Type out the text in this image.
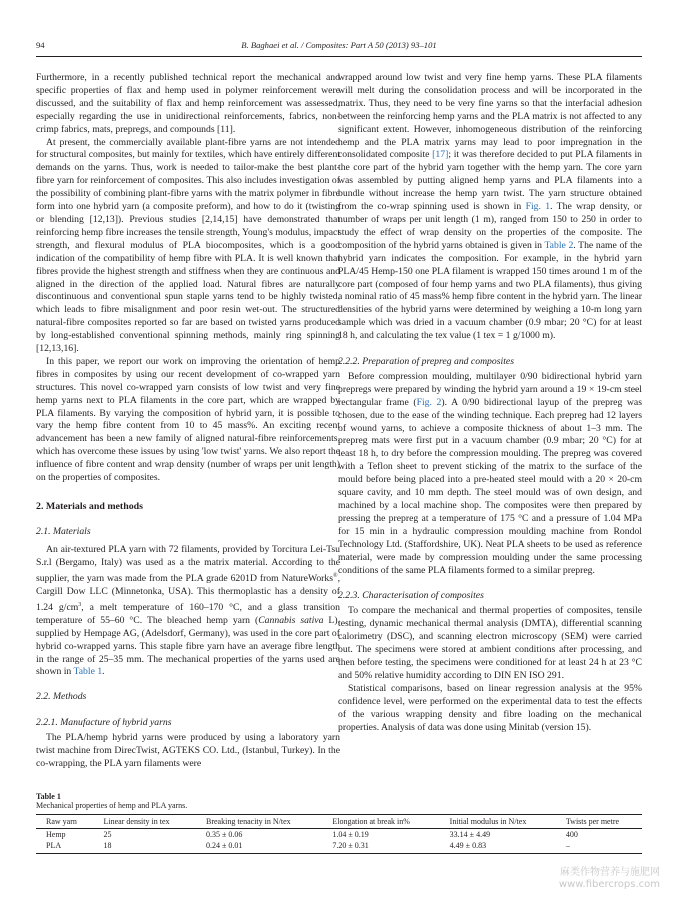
94	B. Baghaei et al. / Composites: Part A 50 (2013) 93–101

Furthermore, in a recently published technical report the mechanical and specific properties of flax and hemp used in polymer reinforcement were discussed, and the suitability of flax and hemp reinforcement was assessed, especially regarding the use in unidirectional reinforcements, fabrics, non-crimp fabrics, mats, prepregs, and compounds [11].

At present, the commercially available plant-fibre yarns are not intended for structural composites, but mainly for textiles, which have entirely different demands on the yarns. Thus, work is needed to tailor-make the best plant-fibre yarn for reinforcement of composites. This also includes investigation of the possibility of combining plant-fibre yarns with the matrix polymer in fibre form into one hybrid yarn (a composite preform), and how to do it (twisting or blending [12,13]). Previous studies [2,14,15] have demonstrated that reinforcing hemp fibre increases the tensile strength, Young's modulus, impact strength, and flexural modulus of PLA biocomposites, which is a good indication of the compatibility of hemp fibre with PLA. It is well known that fibres provide the highest strength and stiffness when they are continuous and aligned in the direction of the applied load. Natural fibres are naturally discontinuous and conventional spun staple yarns tend to be highly twisted, which leads to fibre misalignment and poor resin wet-out. The structured natural-fibre composites reported so far are based on twisted yarns produced by long-established conventional spinning methods, mainly ring spinning [12,13,16].

In this paper, we report our work on improving the orientation of hemp fibres in composites by using our recent development of co-wrapped yarn structures. This novel co-wrapped yarn consists of low twist and very fine hemp yarns next to PLA filaments in the core part, which are wrapped by PLA filaments. By varying the composition of hybrid yarn, it is possible to vary the hemp fibre content from 10 to 45 mass%. An exciting recent advancement has been a new family of aligned natural-fibre reinforcements, which has overcome these issues by using 'low twist' yarns. We also report the influence of fibre content and wrap density (number of wraps per unit length) on the properties of composites.

2. Materials and methods
2.1. Materials

An air-textured PLA yarn with 72 filaments, provided by Torcitura Lei-Tsu S.r.l (Bergamo, Italy) was used as a the matrix material. According to the supplier, the yarn was made from the PLA grade 6201D from NatureWorks®, Cargill Dow LLC (Minnetonka, USA). This thermoplastic has a density of 1.24 $g/cm^3$, a melt temperature of 160–170 °C, and a glass transition temperature of 55–60 °C. The bleached hemp yarn (Cannabis sativa L), supplied by Hempage AG, (Adelsdorf, Germany), was used in the core part of hybrid co-wrapped yarns. This staple fibre yarn have an average fibre length in the range of 25–35 mm. The mechanical properties of the yarns used are shown in Table 1.

2.2. Methods
2.2.1. Manufacture of hybrid yarns

The PLA/hemp hybrid yarns were produced by using a laboratory yarn twist machine from DirecTwist, AGTEKS CO. Ltd., (Istanbul, Turkey). In the co-wrapping, the PLA yarn filaments were

wrapped around low twist and very fine hemp yarns. These PLA filaments will melt during the consolidation process and will be incorporated in the matrix. Thus, they need to be very fine yarns so that the interfacial adhesion between the reinforcing hemp yarns and the PLA matrix is not affected to any significant extent. However, inhomogeneous distribution of the reinforcing hemp and the PLA matrix yarns may lead to poor impregnation in the consolidated composite [17]; it was therefore decided to put PLA filaments in the core part of the hybrid yarn together with the hemp yarn. The core yarn was assembled by putting aligned hemp yarns and PLA filaments into a bundle without increase the hemp yarn twist. The yarn structure obtained from the co-wrap spinning used is shown in Fig. 1. The wrap density, or number of wraps per unit length (1 m), ranged from 150 to 250 in order to study the effect of wrap density on the properties of the composite. The composition of the hybrid yarns obtained is given in Table 2. The name of the hybrid yarn indicates the composition. For example, in the hybrid yarn PLA/45 Hemp-150 one PLA filament is wrapped 150 times around 1 m of the core part (composed of four hemp yarns and two PLA filaments), thus giving a nominal ratio of 45 mass% hemp fibre content in the hybrid yarn. The linear densities of the hybrid yarns were determined by weighing a 10-m long yarn sample which was dried in a vacuum chamber (0.9 mbar; 20 °C) for at least 18 h, and calculating the tex value (1 tex = 1 g/1000 m).

2.2.2. Preparation of prepreg and composites

Before compression moulding, multilayer 0/90 bidirectional hybrid yarn prepregs were prepared by winding the hybrid yarn around a 19 × 19-cm steel rectangular frame (Fig. 2). A 0/90 bidirectional layup of the prepreg was chosen, due to the ease of the winding technique. Each prepreg had 12 layers of wound yarns, to achieve a composite thickness of about 1–3 mm. The prepreg mats were first put in a vacuum chamber (0.9 mbar; 20 °C) for at least 18 h, to dry before the compression moulding. The prepreg was covered with a Teflon sheet to prevent sticking of the matrix to the surface of the mould before being placed into a pre-heated steel mould with a 20 × 20-cm square cavity, and 10 mm depth. The steel mould was of own design, and machined by a local machine shop. The composites were then prepared by pressing the prepreg at a temperature of 175 °C and a pressure of 1.04 MPa for 15 min in a hydraulic compression moulding machine from Rondol Technology Ltd. (Staffordshire, UK). Neat PLA sheets to be used as reference material, were made by compression moulding under the same processing conditions of the same PLA filaments formed to a similar prepreg.

2.2.3. Characterisation of composites

To compare the mechanical and thermal properties of composites, tensile testing, dynamic mechanical thermal analysis (DMTA), differential scanning calorimetry (DSC), and scanning electron microscopy (SEM) were carried out. The specimens were stored at ambient conditions after processing, and then before testing, the specimens were conditioned for at least 24 h at 23 °C and 50% relative humidity according to DIN EN ISO 291.

Statistical comparisons, based on linear regression analysis at the 95% confidence level, were performed on the experimental data to test the effects of the various wrapping density and fibre loading on the mechanical properties. Analysis of data was done using Minitab (version 15).

Table 1
Mechanical properties of hemp and PLA yarns.
Raw yarn	Linear density in tex	Breaking tenacity in N/tex	Elongation at break in%	Initial modulus in N/tex	Twists per metre
Hemp	25	0.35 ± 0.06	1.04 ± 0.19	33.14 ± 4.49	400
PLA	18	0.24 ± 0.01	7.20 ± 0.31	4.49 ± 0.83	–
麻类作物营养与施肥网
www.fibercrops.com
